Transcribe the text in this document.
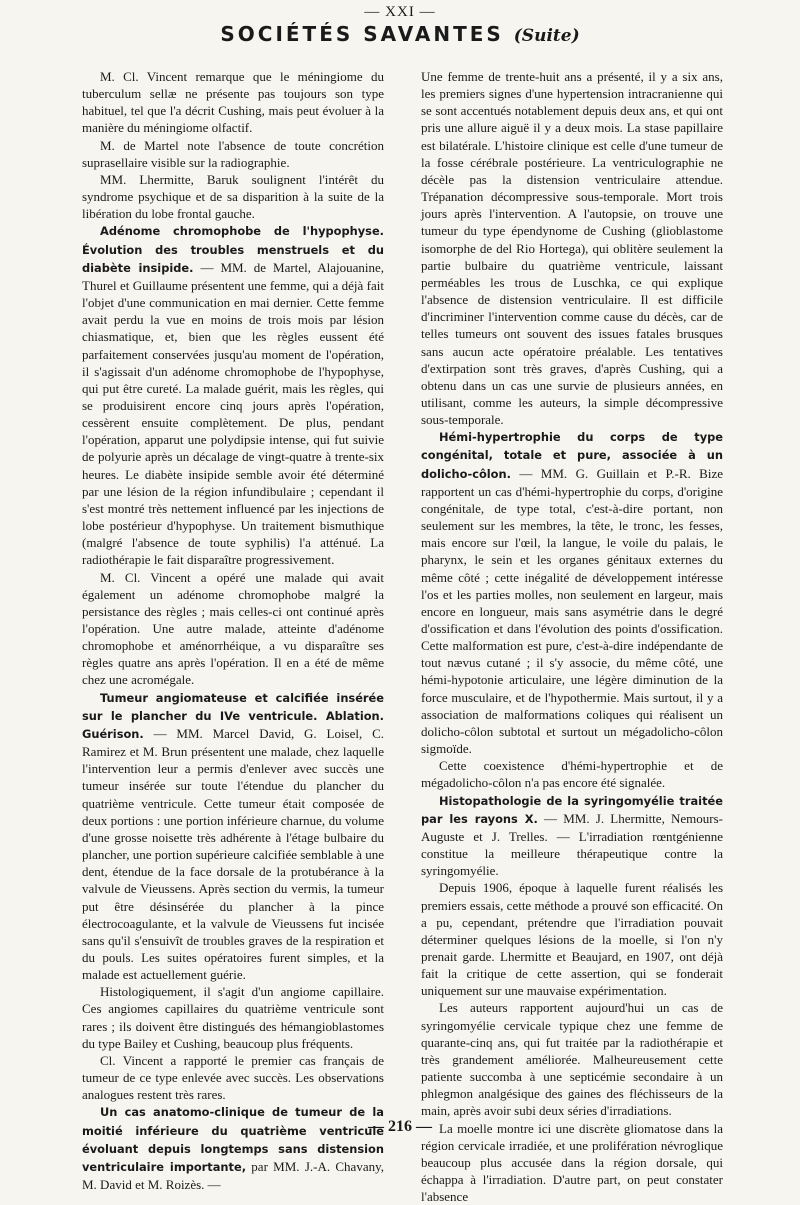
— XXI —
SOCIÉTÉS SAVANTES (Suite)

M. Cl. Vincent remarque que le méningiome du tuberculum sellæ ne présente pas toujours son type habituel, tel que l'a décrit Cushing, mais peut évoluer à la manière du méningiome olfactif.

M. de Martel note l'absence de toute concrétion suprasellaire visible sur la radiographie.

MM. Lhermitte, Baruk soulignent l'intérêt du syndrome psychique et de sa disparition à la suite de la libération du lobe frontal gauche.

Adénome chromophobe de l'hypophyse. Évolution des troubles menstruels et du diabète insipide. — MM. de Martel, Alajouanine, Thurel et Guillaume présentent une femme, qui a déjà fait l'objet d'une communication en mai dernier. Cette femme avait perdu la vue en moins de trois mois par lésion chiasmatique, et, bien que les règles eussent été parfaitement conservées jusqu'au moment de l'opération, il s'agissait d'un adénome chromophobe de l'hypophyse, qui put être cureté. La malade guérit, mais les règles, qui se produisirent encore cinq jours après l'opération, cessèrent ensuite complètement. De plus, pendant l'opération, apparut une polydipsie intense, qui fut suivie de polyurie après un décalage de vingt-quatre à trente-six heures. Le diabète insipide semble avoir été déterminé par une lésion de la région infundibulaire ; cependant il s'est montré très nettement influencé par les injections de lobe postérieur d'hypophyse. Un traitement bismuthique (malgré l'absence de toute syphilis) l'a atténué. La radiothérapie le fait disparaître progressivement.

M. Cl. Vincent a opéré une malade qui avait également un adénome chromophobe malgré la persistance des règles ; mais celles-ci ont continué après l'opération. Une autre malade, atteinte d'adénome chromophobe et aménorrhéique, a vu disparaître ses règles quatre ans après l'opération. Il en a été de même chez une acromégale.

Tumeur angiomateuse et calcifiée insérée sur le plancher du IVe ventricule. Ablation. Guérison. — MM. Marcel David, G. Loisel, C. Ramirez et M. Brun présentent une malade, chez laquelle l'intervention leur a permis d'enlever avec succès une tumeur insérée sur toute l'étendue du plancher du quatrième ventricule. Cette tumeur était composée de deux portions : une portion inférieure charnue, du volume d'une grosse noisette très adhérente à l'étage bulbaire du plancher, une portion supérieure calcifiée semblable à une dent, étendue de la face dorsale de la protubérance à la valvule de Vieussens. Après section du vermis, la tumeur put être désinsérée du plancher à la pince électrocoagulante, et la valvule de Vieussens fut incisée sans qu'il s'ensuivît de troubles graves de la respiration et du pouls. Les suites opératoires furent simples, et la malade est actuellement guérie.

Histologiquement, il s'agit d'un angiome capillaire. Ces angiomes capillaires du quatrième ventricule sont rares ; ils doivent être distingués des hémangioblastomes du type Bailey et Cushing, beaucoup plus fréquents.

Cl. Vincent a rapporté le premier cas français de tumeur de ce type enlevée avec succès. Les observations analogues restent très rares.

Un cas anatomo-clinique de tumeur de la moitié inférieure du quatrième ventricule évoluant depuis longtemps sans distension ventriculaire importante, par MM. J.-A. Chavany, M. David et M. Roizès. —

Une femme de trente-huit ans a présenté, il y a six ans, les premiers signes d'une hypertension intracranienne qui se sont accentués notablement depuis deux ans, et qui ont pris une allure aiguë il y a deux mois. La stase papillaire est bilatérale. L'histoire clinique est celle d'une tumeur de la fosse cérébrale postérieure. La ventriculographie ne décèle pas la distension ventriculaire attendue. Trépanation décompressive sous-temporale. Mort trois jours après l'intervention. A l'autopsie, on trouve une tumeur du type épendynome de Cushing (glioblastome isomorphe de del Rio Hortega), qui oblitère seulement la partie bulbaire du quatrième ventricule, laissant perméables les trous de Luschka, ce qui explique l'absence de distension ventriculaire. Il est difficile d'incriminer l'intervention comme cause du décès, car de telles tumeurs ont souvent des issues fatales brusques sans aucun acte opératoire préalable. Les tentatives d'extirpation sont très graves, d'après Cushing, qui a obtenu dans un cas une survie de plusieurs années, en utilisant, comme les auteurs, la simple décompressive sous-temporale.

Hémi-hypertrophie du corps de type congénital, totale et pure, associée à un dolicho-côlon. — MM. G. Guillain et P.-R. Bize rapportent un cas d'hémi-hypertrophie du corps, d'origine congénitale, de type total, c'est-à-dire portant, non seulement sur les membres, la tête, le tronc, les fesses, mais encore sur l'œil, la langue, le voile du palais, le pharynx, le sein et les organes génitaux externes du même côté ; cette inégalité de développement intéresse l'os et les parties molles, non seulement en largeur, mais encore en longueur, mais sans asymétrie dans le degré d'ossification et dans l'évolution des points d'ossification. Cette malformation est pure, c'est-à-dire indépendante de tout nævus cutané ; il s'y associe, du même côté, une hémi-hypotonie articulaire, une légère diminution de la force musculaire, et de l'hypothermie. Mais surtout, il y a association de malformations coliques qui réalisent un dolicho-côlon subtotal et surtout un mégadolicho-côlon sigmoïde.

Cette coexistence d'hémi-hypertrophie et de mégadolicho-côlon n'a pas encore été signalée.

Histopathologie de la syringomyélie traitée par les rayons X. — MM. J. Lhermitte, Nemours-Auguste et J. Trelles. — L'irradiation rœntgénienne constitue la meilleure thérapeutique contre la syringomyélie.

Depuis 1906, époque à laquelle furent réalisés les premiers essais, cette méthode a prouvé son efficacité. On a pu, cependant, prétendre que l'irradiation pouvait déterminer quelques lésions de la moelle, si l'on n'y prenait garde. Lhermitte et Beaujard, en 1907, ont déjà fait la critique de cette assertion, qui se fonderait uniquement sur une mauvaise expérimentation.

Les auteurs rapportent aujourd'hui un cas de syringomyélie cervicale typique chez une femme de quarante-cinq ans, qui fut traitée par la radiothérapie et très grandement améliorée. Malheureusement cette patiente succomba à une septicémie secondaire à un phlegmon analgésique des gaines des fléchisseurs de la main, après avoir subi deux séries d'irradiations.

La moelle montre ici une discrète gliomatose dans la région cervicale irradiée, et une prolifération névroglique beaucoup plus accusée dans la région dorsale, qui échappa à l'irradiation. D'autre part, on peut constater l'absence

— 216 —
